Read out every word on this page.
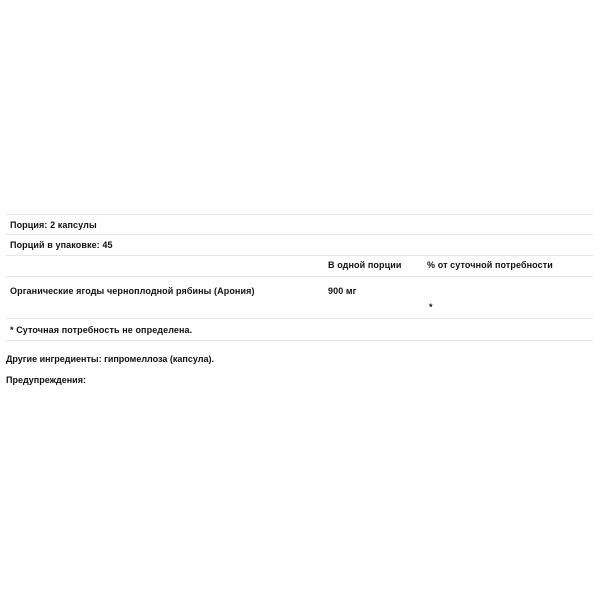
Порция: 2 капсулы
Порций в упаковке: 45
В одной порции	% от суточной потребности
Органические ягоды черноплодной рябины (Арония)	900 мг
*
* Суточная потребность не определена.
Другие ингредиенты: гипромеллоза (капсула).
Предупреждения:
